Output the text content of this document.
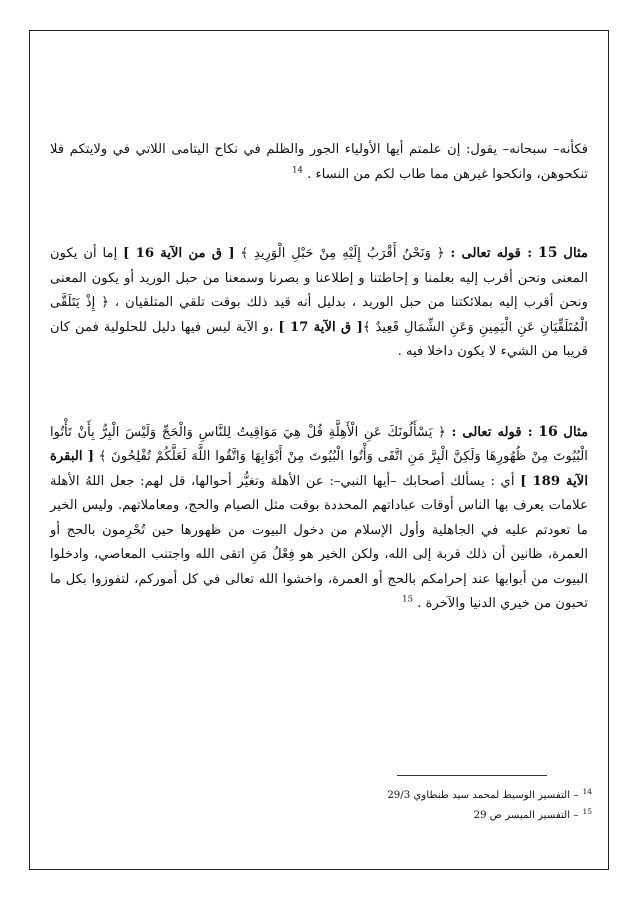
فكأنه– سبحانه– يقول: إن علمتم أيها الأولياء الجور والظلم في نكاح اليتامى اللاتي في ولايتكم فلا تنكحوهن، وانكحوا غيرهن مما طاب لكم من النساء . $^{14}$

مثال 15 : قوله تعالى : ﴿ وَنَحْنُ أَقْرَبُ إِلَيْهِ مِنْ حَبْلِ الْوَرِيدِ ﴾ [ ق من الآية 16 ] إما أن يكون المعنى ونحن أقرب إليه بعلمنا و إحاطتنا و إطلاعنا و بصرنا وسمعنا من حبل الوريد أو يكون المعنى ونحن أقرب إليه بملائكتنا من حبل الوريد ، بدليل أنه قيد ذلك بوقت تلقي المتلقيان ، ﴿ إِذْ يَتَلَقَّى الْمُتَلَقِّيَانِ عَنِ الْيَمِينِ وَعَنِ الشِّمَالِ قَعِيدٌ ﴾[ ق الآية 17 ] ،و الآية ليس فيها دليل للحلولية فمن كان قريبا من الشيء لا يكون داخلا فيه .

مثال 16 : قوله تعالى : ﴿ يَسْأَلُونَكَ عَنِ الْأَهِلَّةِ قُلْ هِيَ مَوَاقِيتُ لِلنَّاسِ وَالْحَجِّ وَلَيْسَ الْبِرُّ بِأَنْ تَأْتُوا الْبُيُوتَ مِنْ ظُهُورِهَا وَلَكِنَّ الْبِرَّ مَنِ اتَّقَى وَأْتُوا الْبُيُوتَ مِنْ أَبْوَابِهَا وَاتَّقُوا اللَّهَ لَعَلَّكُمْ تُفْلِحُونَ ﴾ [ البقرة الآية 189 ] أي : يسألك أصحابك –أيها النبي–: عن الأهلة وتغيُّر أحوالها، قل لهم: جعل اللهُ الأهلة علامات يعرف بها الناس أوقات عباداتهم المحددة بوقت مثل الصيام والحج، ومعاملاتهم. وليس الخير ما تعودتم عليه في الجاهلية وأول الإسلام من دخول البيوت من ظهورها حين تُحْرِمون بالحج أو العمرة، ظانين أن ذلك قربة إلى الله، ولكن الخير هو فِعْلُ مَنِ اتقى الله واجتنب المعاصي، وادخلوا البيوت من أبوابها عند إحرامكم بالحج أو العمرة، واخشوا الله تعالى في كل أموركم، لتفوزوا بكل ما تحبون من خيري الدنيا والآخرة . $^{15}$

$^{14}$– التفسير الوسيط لمحمد سيد طنطاوي 29/3
$^{15}$– التفسير الميسر ص 29
